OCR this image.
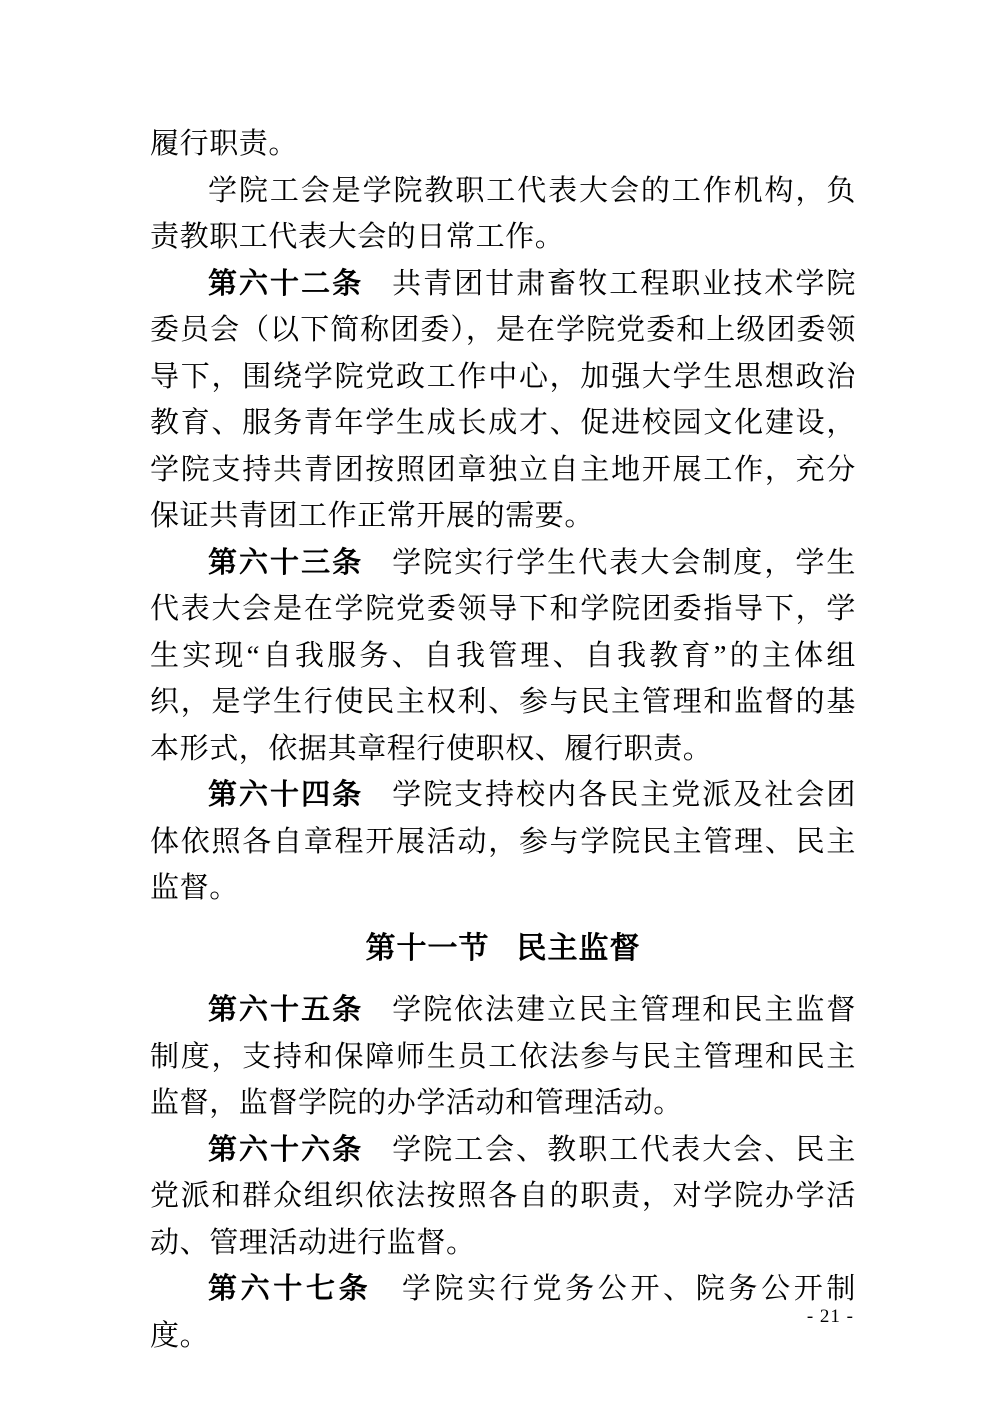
履行职责。

学院工会是学院教职工代表大会的工作机构，负责教职工代表大会的日常工作。

第六十二条 共青团甘肃畜牧工程职业技术学院委员会（以下简称团委），是在学院党委和上级团委领导下，围绕学院党政工作中心，加强大学生思想政治教育、服务青年学生成长成才、促进校园文化建设，学院支持共青团按照团章独立自主地开展工作，充分保证共青团工作正常开展的需要。

第六十三条 学院实行学生代表大会制度，学生代表大会是在学院党委领导下和学院团委指导下，学生实现“自我服务、自我管理、自我教育”的主体组织，是学生行使民主权利、参与民主管理和监督的基本形式，依据其章程行使职权、履行职责。

第六十四条 学院支持校内各民主党派及社会团体依照各自章程开展活动，参与学院民主管理、民主监督。

第十一节 民主监督

第六十五条 学院依法建立民主管理和民主监督制度，支持和保障师生员工依法参与民主管理和民主监督，监督学院的办学活动和管理活动。

第六十六条 学院工会、教职工代表大会、民主党派和群众组织依法按照各自的职责，对学院办学活动、管理活动进行监督。

第六十七条 学院实行党务公开、院务公开制度。

- 21 -
